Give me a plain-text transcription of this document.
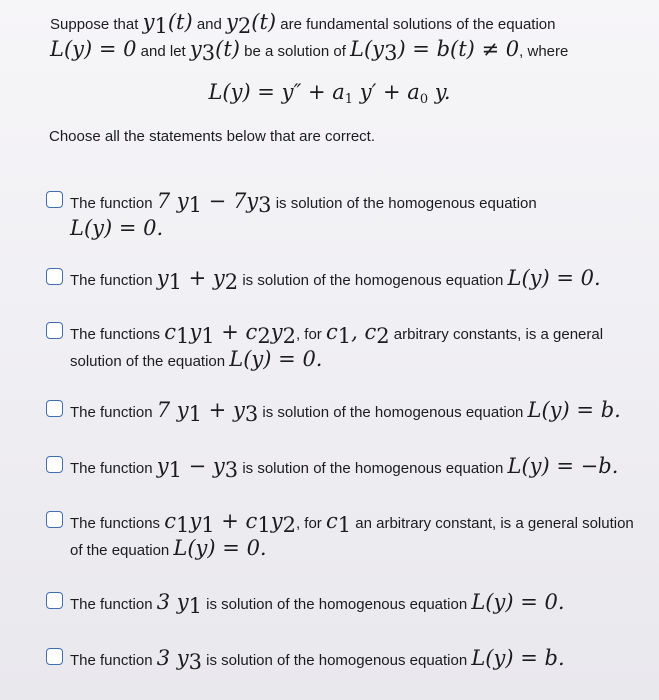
Suppose that $y_1(t)$ and $y_2(t)$ are fundamental solutions of the equation
L(y) = 0 and let $y_3(t)$ be a solution of $L(y_3) = b(t) \ne 0$, where
$L(y) = y'' + a_1$ $y' + a_0$ y.
Choose all the statements below that are correct.
The function 7 $y_1 - 7y_3$ is solution of the homogenous equation
L(y) = 0.
The function $y_1 + y_2$ is solution of the homogenous equation L(y) = 0.
The functions $c_1y_1 + c_2y_2$, for $c_1$, $c_2$ arbitrary constants, is a general
solution of the equation L(y) = 0.
The function 7 $y_1 + y_3$ is solution of the homogenous equation L(y) = b.
The function $y_1 - y_3$ is solution of the homogenous equation L(y) = −b.
The functions $c_1y_1 + c_1y_2$, for $c_1$ an arbitrary constant, is a general solution
of the equation L(y) = 0.
The function 3 $y_1$ is solution of the homogenous equation L(y) = 0.
The function 3 $y_3$ is solution of the homogenous equation L(y) = b.
